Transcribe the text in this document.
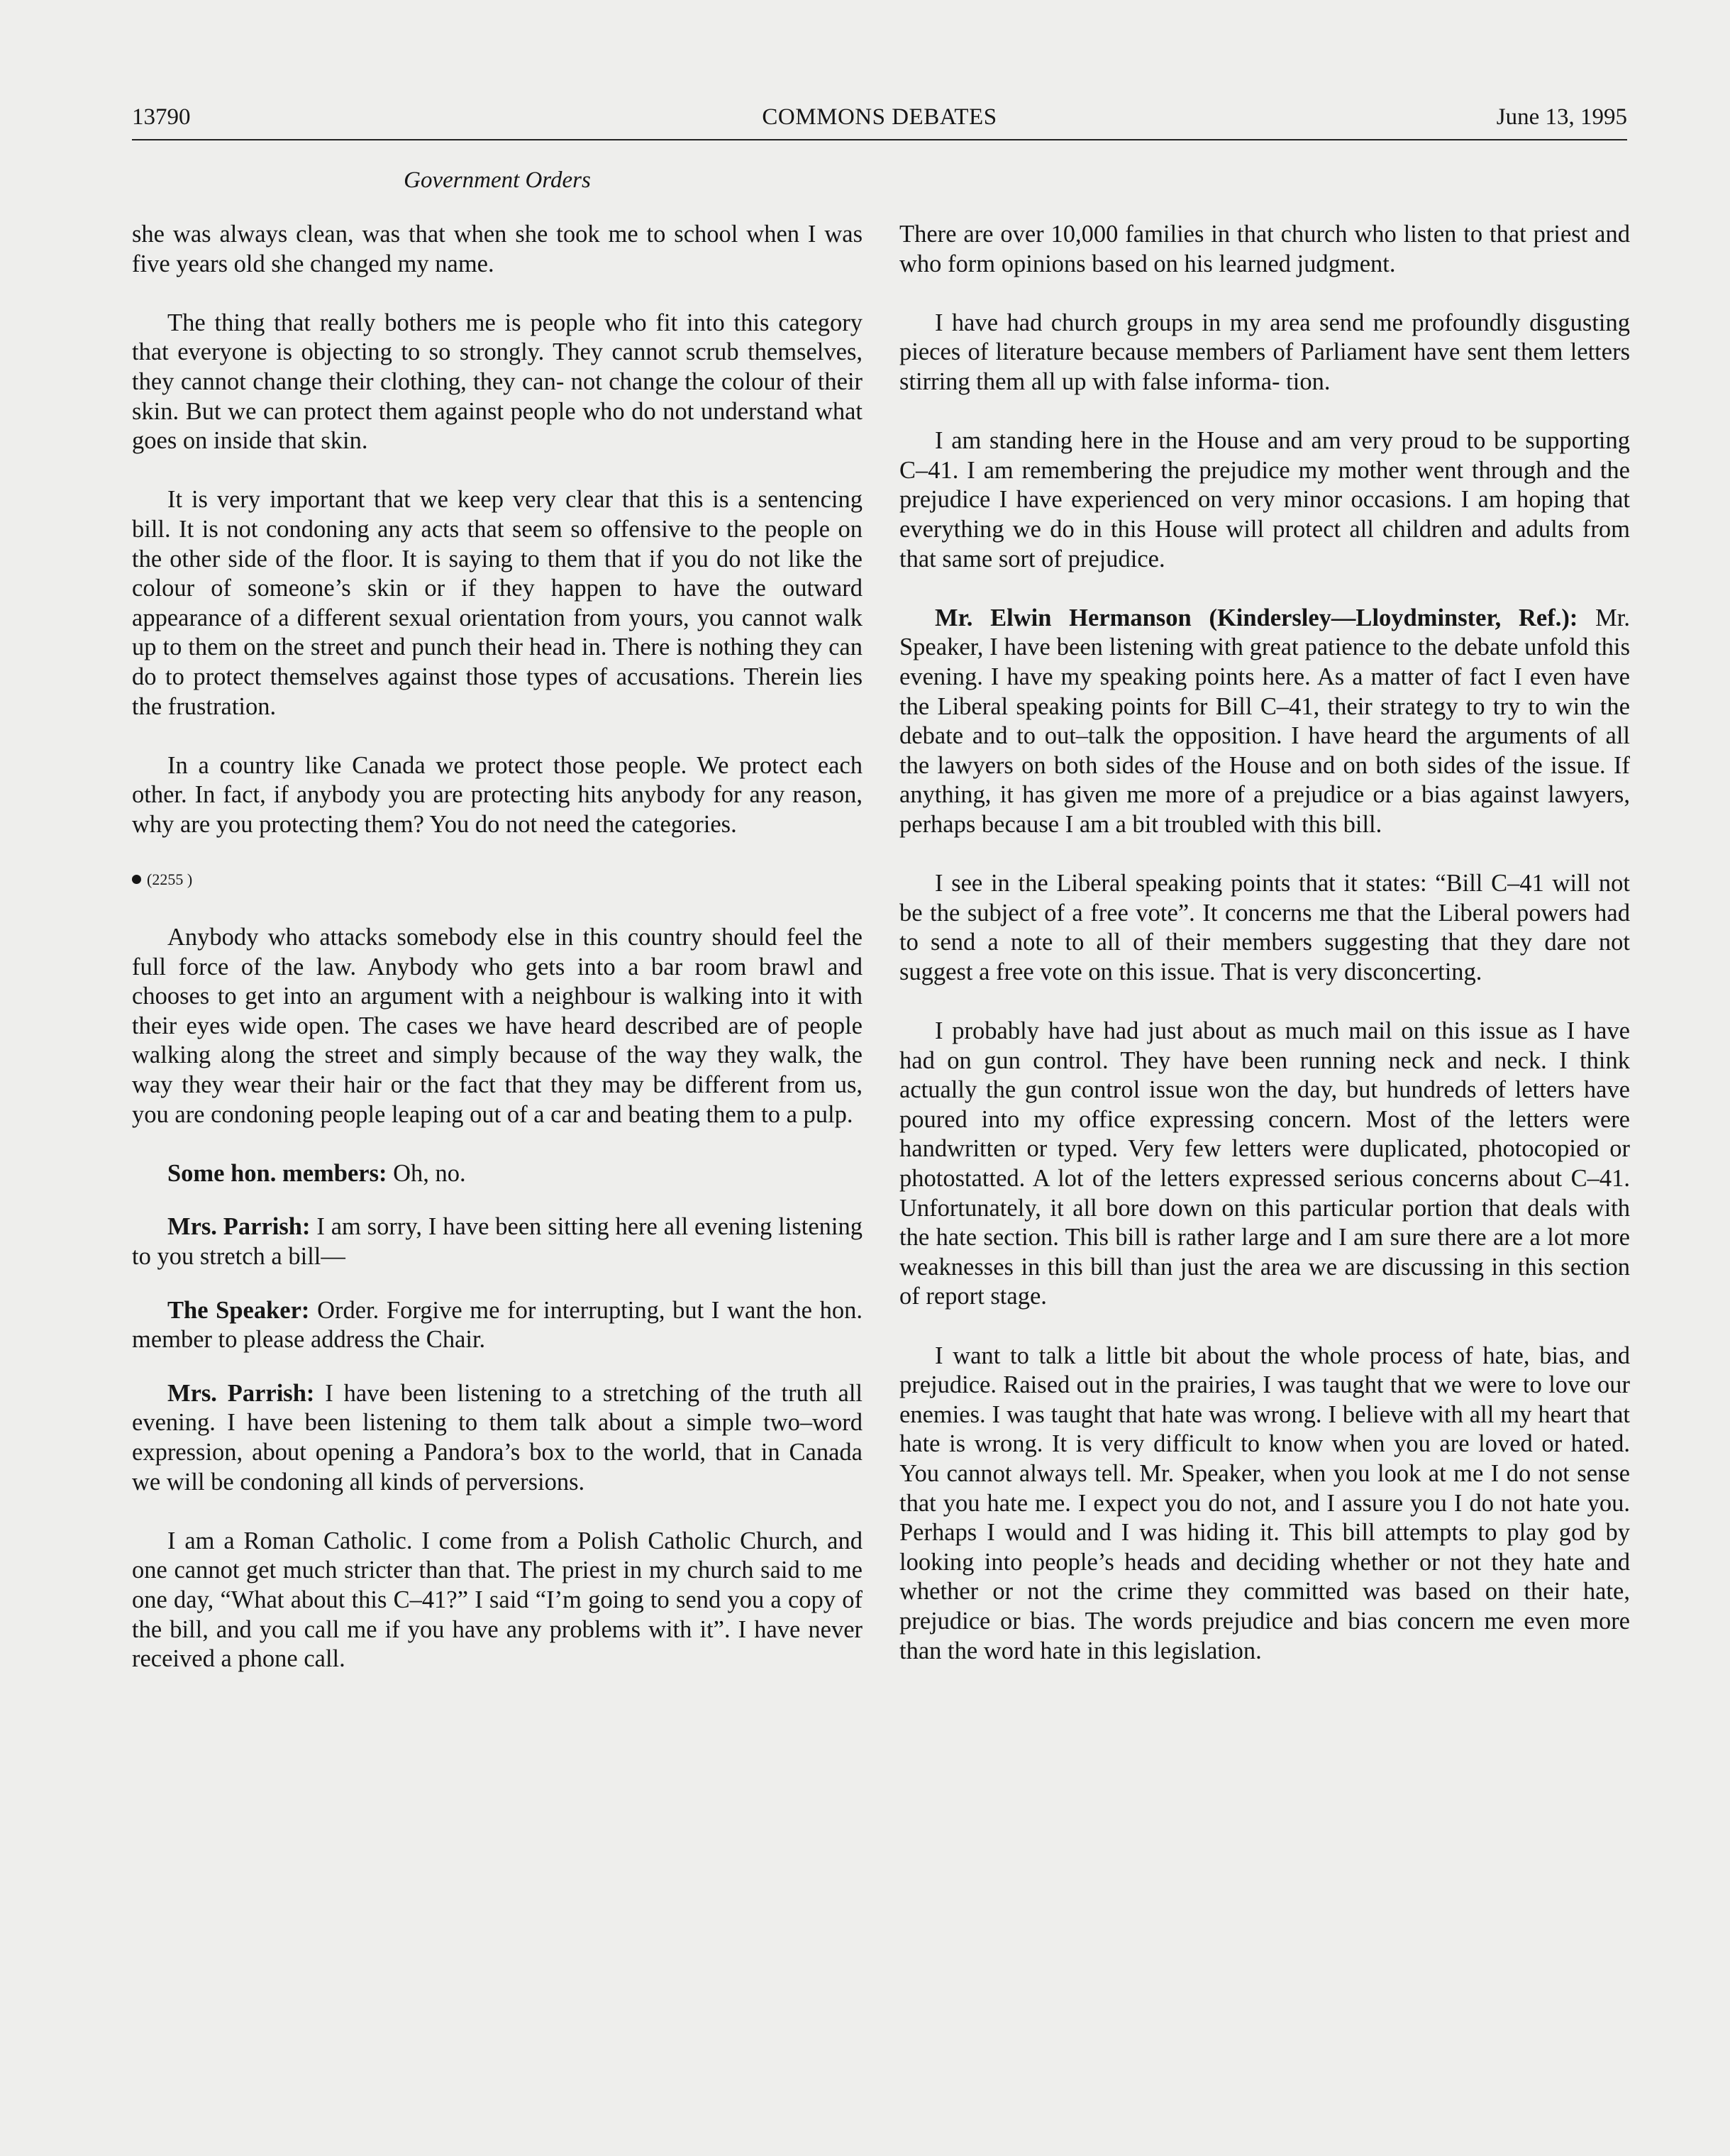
13790	COMMONS DEBATES	June 13, 1995
Government Orders

she was always clean, was that when she took me to school when I was five years old she changed my name.

The thing that really bothers me is people who fit into this category that everyone is objecting to so strongly. They cannot scrub themselves, they cannot change their clothing, they can- not change the colour of their skin. But we can protect them against people who do not understand what goes on inside that skin.

It is very important that we keep very clear that this is a sentencing bill. It is not condoning any acts that seem so offensive to the people on the other side of the floor. It is saying to them that if you do not like the colour of someone’s skin or if they happen to have the outward appearance of a different sexual orientation from yours, you cannot walk up to them on the street and punch their head in. There is nothing they can do to protect themselves against those types of accusations. Therein lies the frustration.

In a country like Canada we protect those people. We protect each other. In fact, if anybody you are protecting hits anybody for any reason, why are you protecting them? You do not need the categories.

(2255 )

Anybody who attacks somebody else in this country should feel the full force of the law. Anybody who gets into a bar room brawl and chooses to get into an argument with a neighbour is walking into it with their eyes wide open. The cases we have heard described are of people walking along the street and simply because of the way they walk, the way they wear their hair or the fact that they may be different from us, you are condoning people leaping out of a car and beating them to a pulp.

Some hon. members: Oh, no.

Mrs. Parrish: I am sorry, I have been sitting here all evening listening to you stretch a bill—

The Speaker: Order. Forgive me for interrupting, but I want the hon. member to please address the Chair.

Mrs. Parrish: I have been listening to a stretching of the truth all evening. I have been listening to them talk about a simple two–word expression, about opening a Pandora’s box to the world, that in Canada we will be condoning all kinds of perversions.

I am a Roman Catholic. I come from a Polish Catholic Church, and one cannot get much stricter than that. The priest in my church said to me one day, “What about this C–41?” I said “I’m going to send you a copy of the bill, and you call me if you have any problems with it”. I have never received a phone call.

There are over 10,000 families in that church who listen to that priest and who form opinions based on his learned judgment.

I have had church groups in my area send me profoundly disgusting pieces of literature because members of Parliament have sent them letters stirring them all up with false informa- tion.

I am standing here in the House and am very proud to be supporting C–41. I am remembering the prejudice my mother went through and the prejudice I have experienced on very minor occasions. I am hoping that everything we do in this House will protect all children and adults from that same sort of prejudice.

Mr. Elwin Hermanson (Kindersley—Lloydminster, Ref.): Mr. Speaker, I have been listening with great patience to the debate unfold this evening. I have my speaking points here. As a matter of fact I even have the Liberal speaking points for Bill C–41, their strategy to try to win the debate and to out–talk the opposition. I have heard the arguments of all the lawyers on both sides of the House and on both sides of the issue. If anything, it has given me more of a prejudice or a bias against lawyers, perhaps because I am a bit troubled with this bill.

I see in the Liberal speaking points that it states: “Bill C–41 will not be the subject of a free vote”. It concerns me that the Liberal powers had to send a note to all of their members suggesting that they dare not suggest a free vote on this issue. That is very disconcerting.

I probably have had just about as much mail on this issue as I have had on gun control. They have been running neck and neck. I think actually the gun control issue won the day, but hundreds of letters have poured into my office expressing concern. Most of the letters were handwritten or typed. Very few letters were duplicated, photocopied or photostatted. A lot of the letters expressed serious concerns about C–41. Unfortunately, it all bore down on this particular portion that deals with the hate section. This bill is rather large and I am sure there are a lot more weaknesses in this bill than just the area we are discussing in this section of report stage.

I want to talk a little bit about the whole process of hate, bias, and prejudice. Raised out in the prairies, I was taught that we were to love our enemies. I was taught that hate was wrong. I believe with all my heart that hate is wrong. It is very difficult to know when you are loved or hated. You cannot always tell. Mr. Speaker, when you look at me I do not sense that you hate me. I expect you do not, and I assure you I do not hate you. Perhaps I would and I was hiding it. This bill attempts to play god by looking into people’s heads and deciding whether or not they hate and whether or not the crime they committed was based on their hate, prejudice or bias. The words prejudice and bias concern me even more than the word hate in this legislation.
